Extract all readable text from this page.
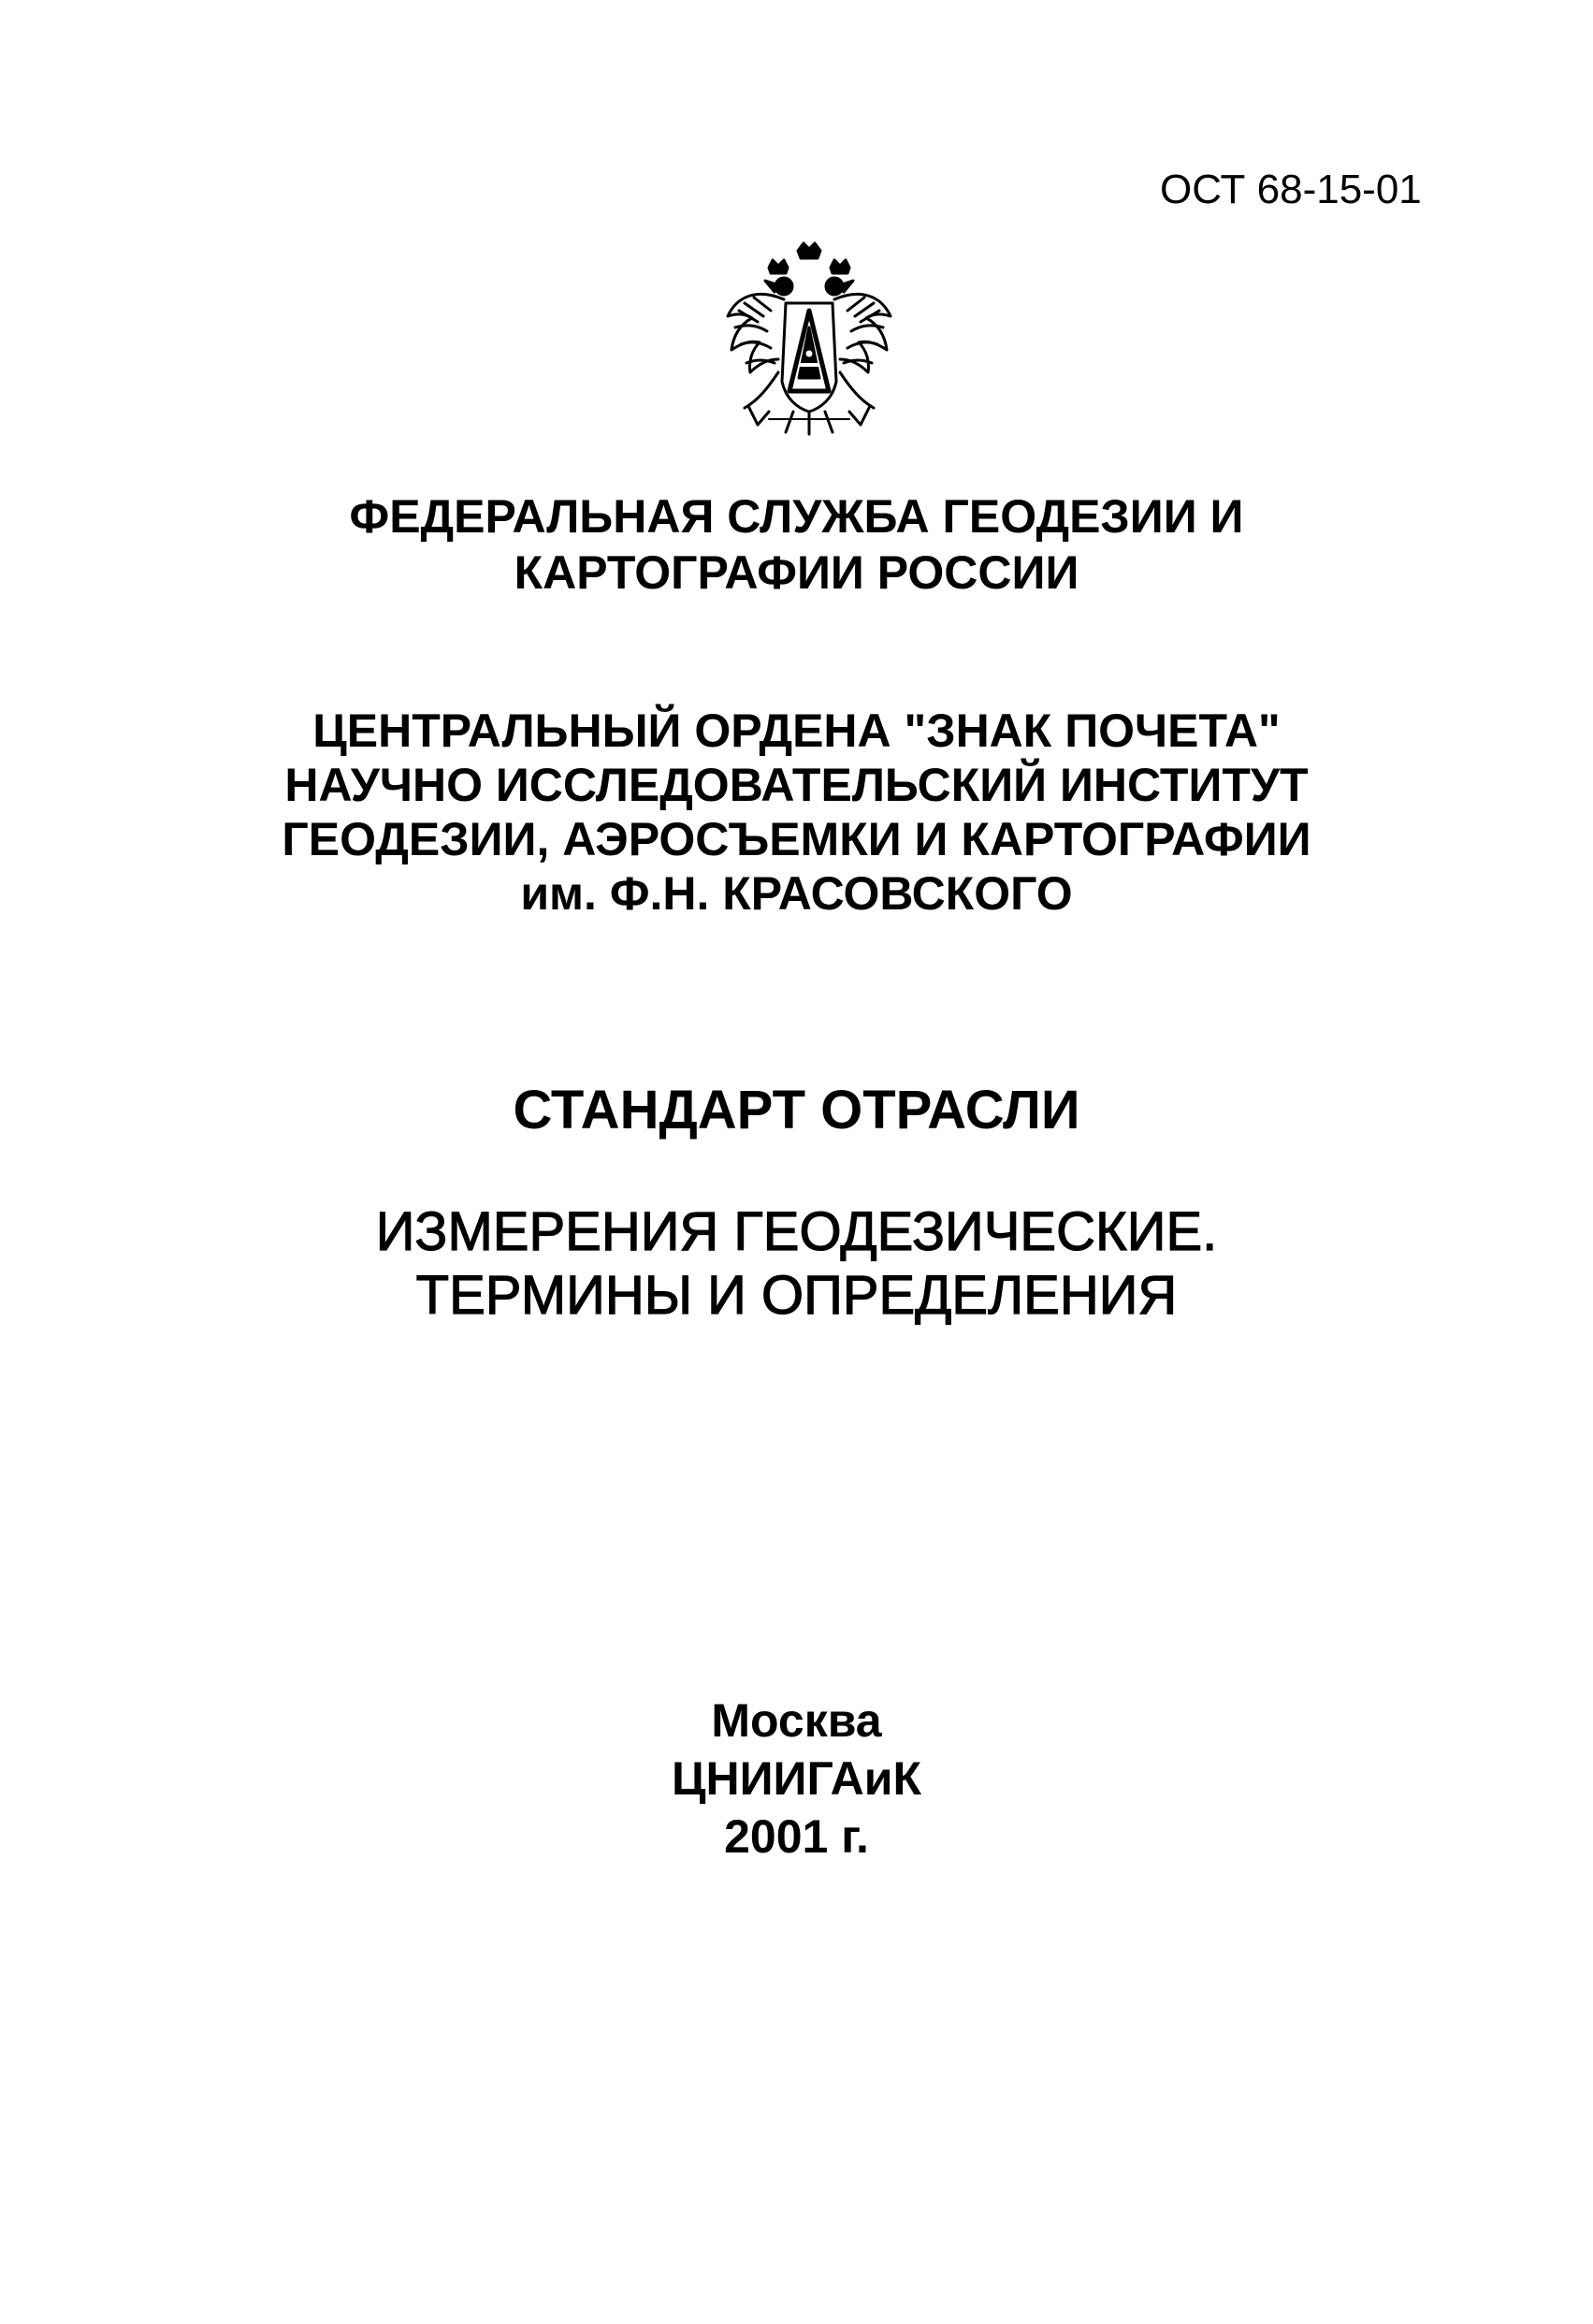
ОСТ 68-15-01
ФЕДЕРАЛЬНАЯ СЛУЖБА ГЕОДЕЗИИ И
КАРТОГРАФИИ РОССИИ
ЦЕНТРАЛЬНЫЙ ОРДЕНА "ЗНАК ПОЧЕТА"
НАУЧНО ИССЛЕДОВАТЕЛЬСКИЙ ИНСТИТУТ
ГЕОДЕЗИИ, АЭРОСЪЕМКИ И КАРТОГРАФИИ
им. Ф.Н. КРАСОВСКОГО
СТАНДАРТ ОТРАСЛИ
ИЗМЕРЕНИЯ ГЕОДЕЗИЧЕСКИЕ.
ТЕРМИНЫ И ОПРЕДЕЛЕНИЯ
Москва
ЦНИИГАиК
2001 г.
